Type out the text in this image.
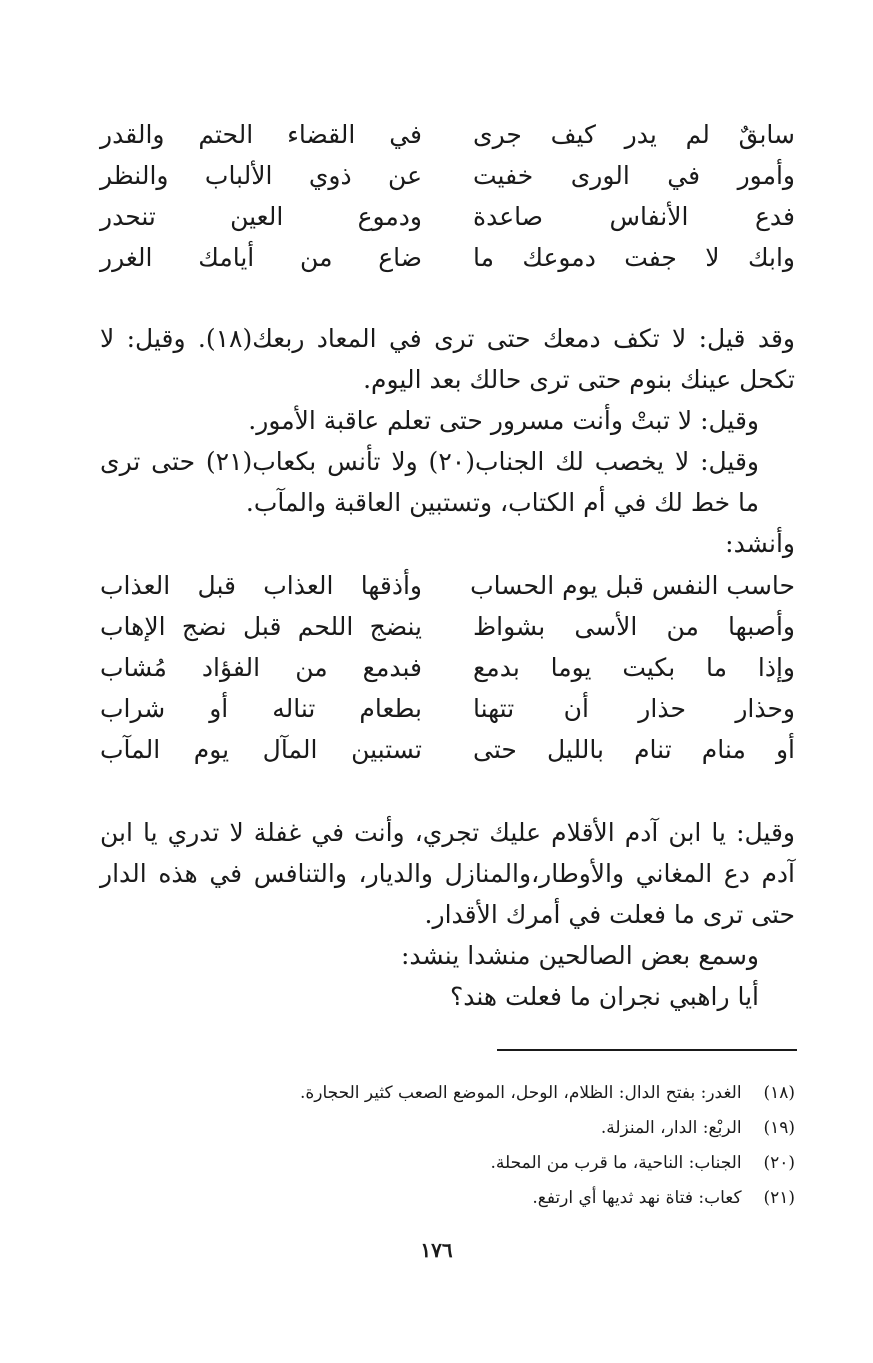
سابقٌ لم يدر كيف جرى
في القضاء الحتم والقدر
وأمور في الورى خفيت
عن ذوي الألباب والنظر
فدع الأنفاس صاعدة
ودموع العين تنحدر
وابك لا جفت دموعك ما
ضاع من أيامك الغرر

وقد قيل: لا تكف دمعك حتى ترى في المعاد ربعك(١٨). وقيل: لا تكحل عينك بنوم حتى ترى حالك بعد اليوم.

وقيل: لا تبتْ وأنت مسرور حتى تعلم عاقبة الأمور.

وقيل: لا يخصب لك الجناب(٢٠) ولا تأنس بكعاب(٢١) حتى ترى ما خط لك في أم الكتاب، وتستبين العاقبة والمآب.

وأنشد:

حاسب النفس قبل يوم الحساب
وأذقها العذاب قبل العذاب
وأصبها من الأسى بشواظ
ينضج اللحم قبل نضج الإهاب
وإذا ما بكيت يوما بدمع
فبدمع من الفؤاد مُشاب
وحذار حذار أن تتهنا
بطعام تناله أو شراب
أو منام تنام بالليل حتى
تستبين المآل يوم المآب

وقيل: يا ابن آدم الأقلام عليك تجري، وأنت في غفلة لا تدري يا ابن آدم دع المغاني والأوطار،والمنازل والديار، والتنافس في هذه الدار حتى ترى ما فعلت في أمرك الأقدار.

وسمع بعض الصالحين منشدا ينشد:

أيا راهبي نجران ما فعلت هند؟

(١٨) الغدر: بفتح الدال: الظلام، الوحل، الموضع الصعب كثير الحجارة.
(١٩) الربْع: الدار، المنزلة.
(٢٠) الجناب: الناحية، ما قرب من المحلة.
(٢١) كعاب: فتاة نهد ثديها أي ارتفع.
١٧٦
